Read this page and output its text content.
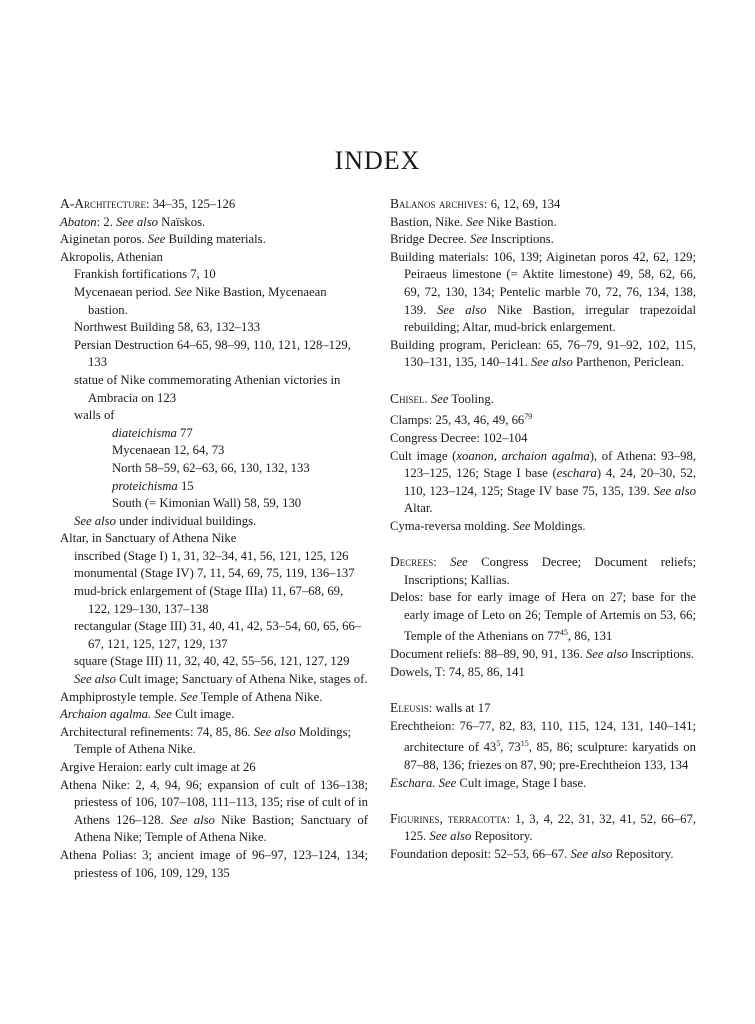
INDEX
A-Architecture: 34–35, 125–126
Abaton: 2. See also Naïskos.
Aiginetan poros. See Building materials.
Akropolis, Athenian
Frankish fortifications 7, 10
Mycenaean period. See Nike Bastion, Mycenaean bastion.
Northwest Building 58, 63, 132–133
Persian Destruction 64–65, 98–99, 110, 121, 128–129, 133
statue of Nike commemorating Athenian victories in Ambracia on 123
walls of
diateichisma 77
Mycenaean 12, 64, 73
North 58–59, 62–63, 66, 130, 132, 133
proteichisma 15
South (= Kimonian Wall) 58, 59, 130
See also under individual buildings.
Altar, in Sanctuary of Athena Nike
inscribed (Stage I) 1, 31, 32–34, 41, 56, 121, 125, 126
monumental (Stage IV) 7, 11, 54, 69, 75, 119, 136–137
mud-brick enlargement of (Stage IIIa) 11, 67–68, 69, 122, 129–130, 137–138
rectangular (Stage III) 31, 40, 41, 42, 53–54, 60, 65, 66–67, 121, 125, 127, 129, 137
square (Stage III) 11, 32, 40, 42, 55–56, 121, 127, 129
See also Cult image; Sanctuary of Athena Nike, stages of.
Amphiprostyle temple. See Temple of Athena Nike.
Archaion agalma. See Cult image.
Architectural refinements: 74, 85, 86. See also Moldings; Temple of Athena Nike.
Argive Heraion: early cult image at 26
Athena Nike: 2, 4, 94, 96; expansion of cult of 136–138; priestess of 106, 107–108, 111–113, 135; rise of cult of in Athens 126–128. See also Nike Bastion; Sanctuary of Athena Nike; Temple of Athena Nike.
Athena Polias: 3; ancient image of 96–97, 123–124, 134; priestess of 106, 109, 129, 135
Balanos archives: 6, 12, 69, 134
Bastion, Nike. See Nike Bastion.
Bridge Decree. See Inscriptions.
Building materials: 106, 139; Aiginetan poros 42, 62, 129; Peiraeus limestone (= Aktite limestone) 49, 58, 62, 66, 69, 72, 130, 134; Pentelic marble 70, 72, 76, 134, 138, 139. See also Nike Bastion, irregular trapezoidal rebuilding; Altar, mud-brick enlargement.
Building program, Periclean: 65, 76–79, 91–92, 102, 115, 130–131, 135, 140–141. See also Parthenon, Periclean.
Chisel. See Tooling.
Clamps: 25, 43, 46, 49, $66^{79}$
Congress Decree: 102–104
Cult image (xoanon, archaion agalma), of Athena: 93–98, 123–125, 126; Stage I base (eschara) 4, 24, 20–30, 52, 110, 123–124, 125; Stage IV base 75, 135, 139. See also Altar.
Cyma-reversa molding. See Moldings.
Decrees: See Congress Decree; Document reliefs; Inscriptions; Kallias.
Delos: base for early image of Hera on 27; base for the early image of Leto on 26; Temple of Artemis on 53, 66; Temple of the Athenians on $77^{45}$, 86, 131
Document reliefs: 88–89, 90, 91, 136. See also Inscriptions.
Dowels, T: 74, 85, 86, 141
Eleusis: walls at 17
Erechtheion: 76–77, 82, 83, 110, 115, 124, 131, 140–141; architecture of $43^5$, $73^{15}$, 85, 86; sculpture: karyatids on 87–88, 136; friezes on 87, 90; pre-Erechtheion 133, 134
Eschara. See Cult image, Stage I base.
Figurines, terracotta: 1, 3, 4, 22, 31, 32, 41, 52, 66–67, 125. See also Repository.
Foundation deposit: 52–53, 66–67. See also Repository.
